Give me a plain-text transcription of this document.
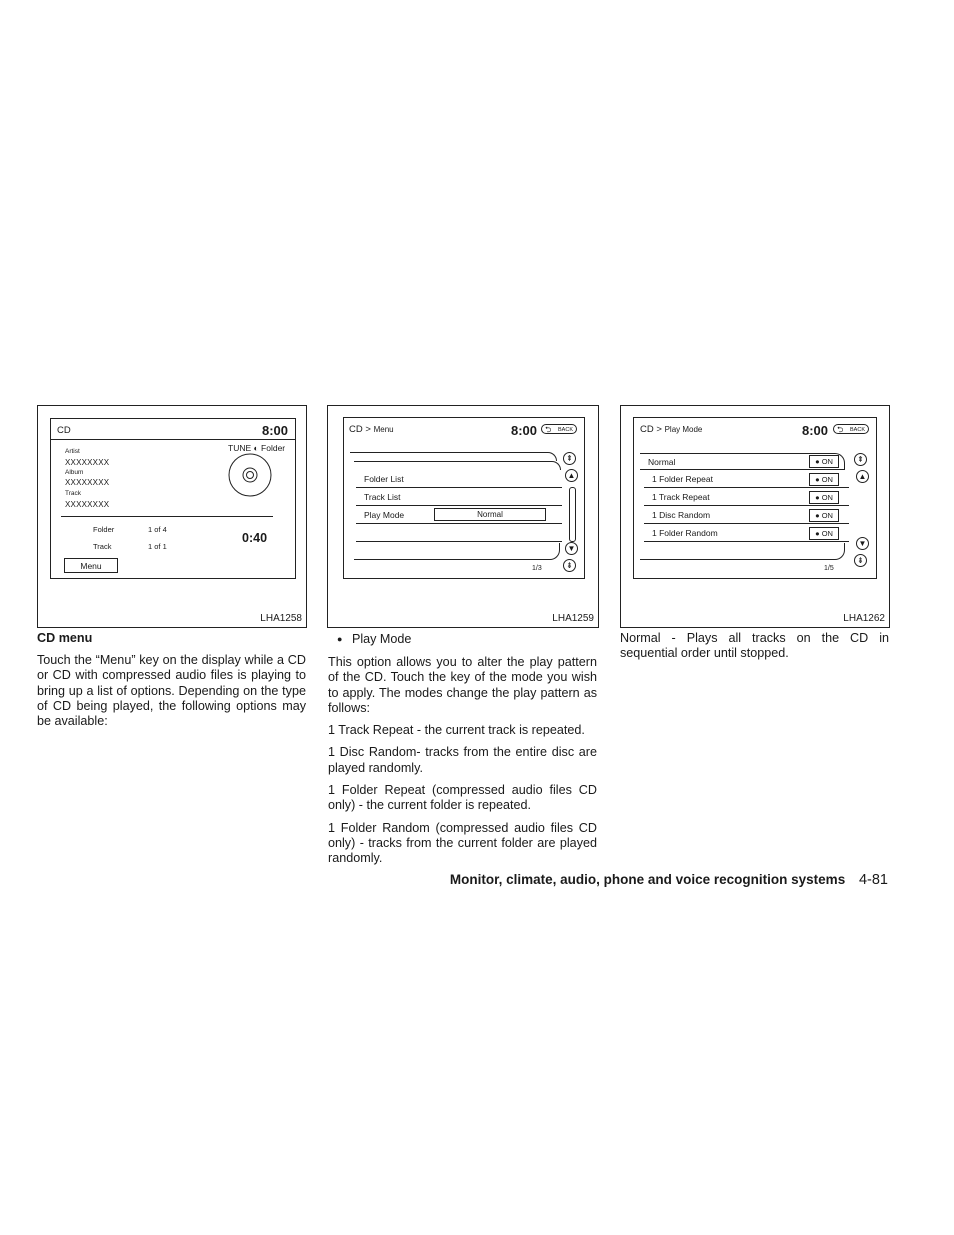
CD	8:00
TUNE ◐ Folder
Artist
XXXXXXXX
Album
XXXXXXXX
Track
XXXXXXXX
Folder	1 of 4
Track	1 of 1
0:40
Menu
LHA1258
CD > Menu	8:00 ⮌ BACK
Folder List
Track List
Play Mode	Normal
⇞
▲
▼
⇟
1/3
LHA1259
CD > Play Mode	8:00 ⮌ BACK
Normal	● ON
1 Folder Repeat	● ON
1 Track Repeat	● ON
1 Disc Random	● ON
1 Folder Random	● ON
⇞
▲
▼
⇟
1/5
LHA1262
CD menu

Touch the “Menu” key on the display while a CD or CD with compressed audio files is playing to bring up a list of options. Depending on the type of CD being played, the following options may be available:

● Play Mode

This option allows you to alter the play pattern of the CD. Touch the key of the mode you wish to apply. The modes change the play pattern as follows:

1 Track Repeat - the current track is repeated.

1 Disc Random- tracks from the entire disc are played randomly.

1 Folder Repeat (compressed audio files CD only) - the current folder is repeated.

1 Folder Random (compressed audio files CD only) - tracks from the current folder are played randomly.

Normal - Plays all tracks on the CD in sequential order until stopped.

Monitor, climate, audio, phone and voice recognition systems 4-81
